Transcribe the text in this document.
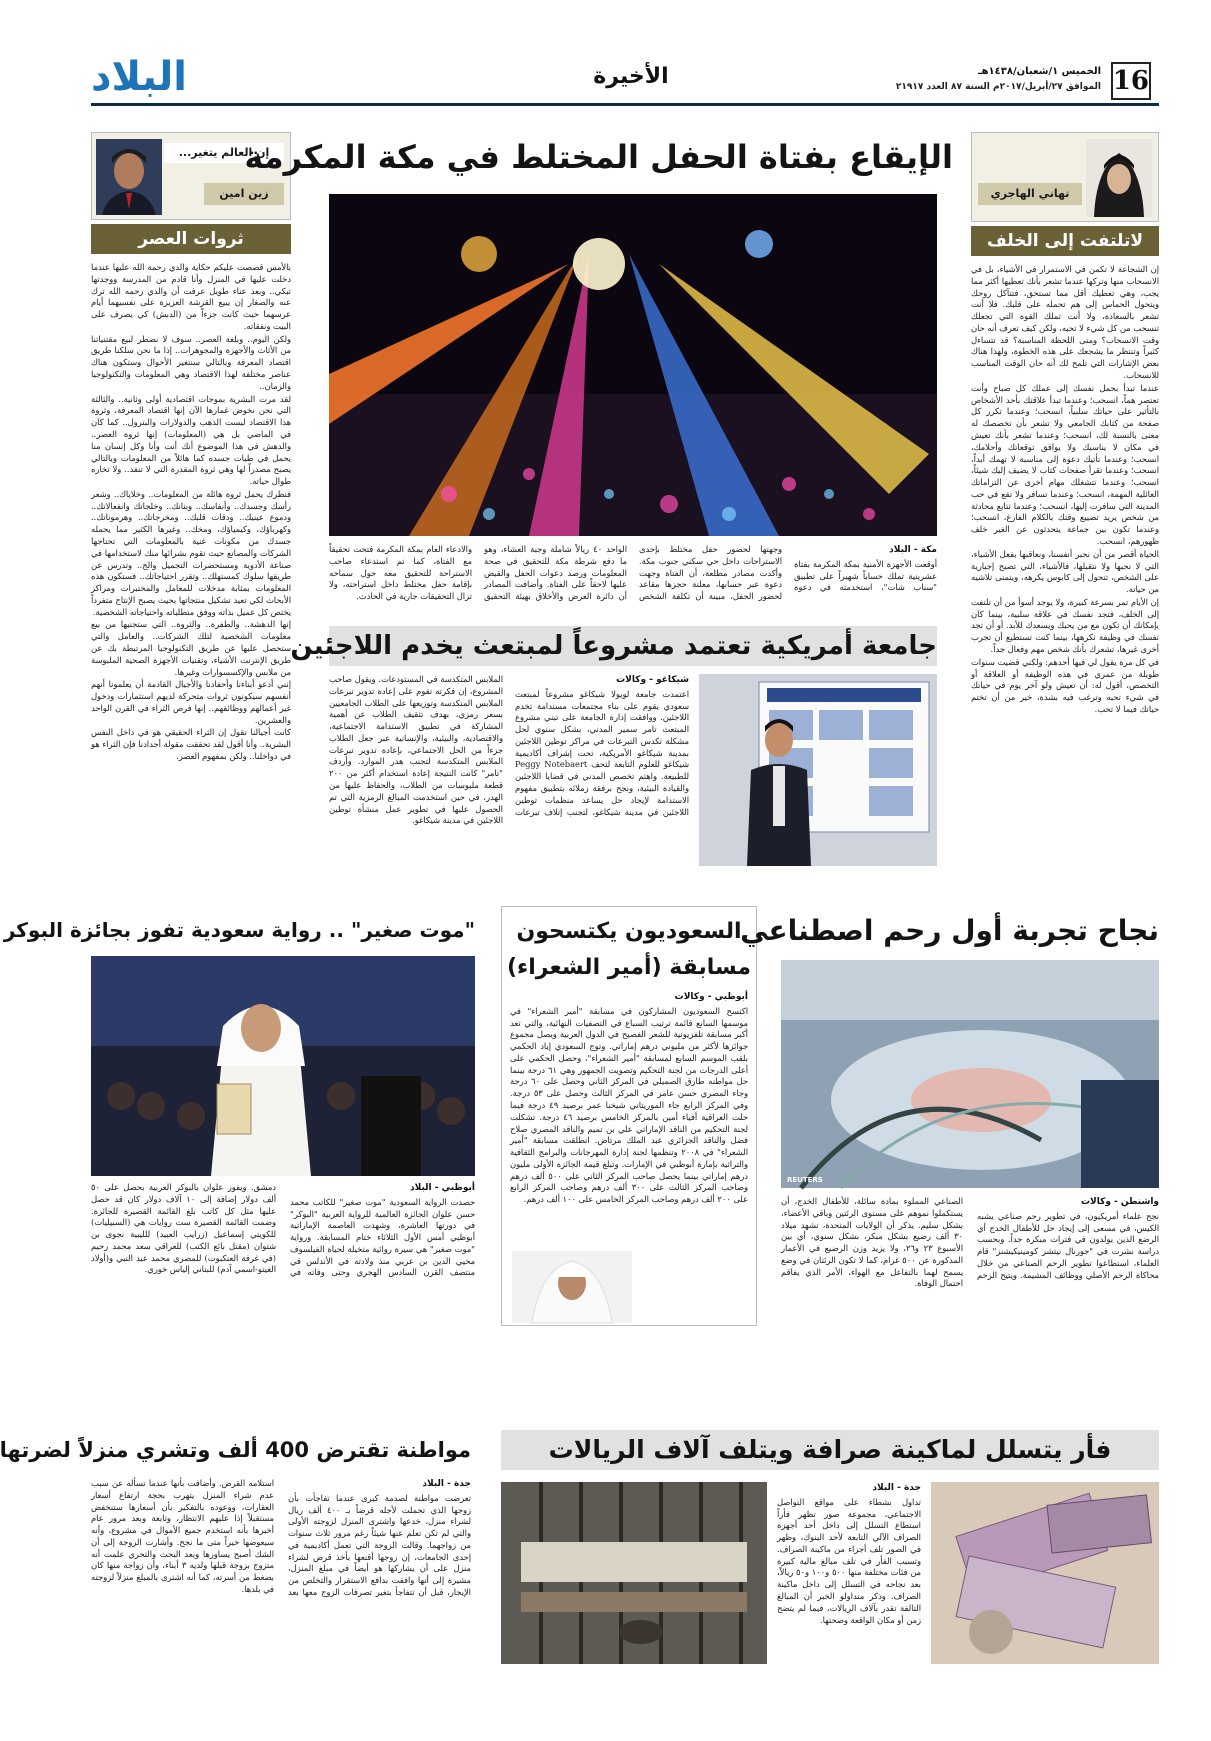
16
الخميس ١/شعبان/١٤٣٨هـ
الموافق ٢٧/أبريل/٢٠١٧م السنة ٨٧ العدد ٢١٩١٧
الأخيرة
البلاد
تهاني الهاجري
لاتلتفت إلى الخلف

إن الشجاعة لا تكمن في الاستمرار في الأشياء، بل في الانسحاب منها وتركها عندما تشعر بأنك تعطيها أكثر مما يجب، وهي تعطيك أقل مما تستحق، فتتآكل روحك ويتحول الحماس إلى هم تحمله على قلبك. فلا أنت تشعر بالسعادة، ولا أنت تملك القوة التي تجعلك تنسحب من كل شيء لا تحبه، ولكن كيف تعرف أنه حان وقت الانسحاب؟ ومتى اللحظة المناسبة؟ قد تتساءل كثيراً وتنتظر ما يشجعك على هذه الخطوة، ولهذا هناك بعض الإشارات التي تلمح لك أنه حان الوقت المناسب للانسحاب.

عندما تبدأ بحمل نفسك إلى عملك كل صباح وأنت تعتصر هماً، انسحب؛ وعندما تبدأ علاقتك بأحد الأشخاص بالتأثير على حياتك سلبياً، انسحب؛ وعندما تكرر كل صفحة من كتابك الجامعي ولا تشعر بأن تخصصك له معنى بالنسبة لك، انسحب؛ وعندما تشعر بأنك تعيش في مكان لا يناسبك ولا يوافق توقعاتك وأحلامك، انسحب؛ وعندما تأتيك دعوة إلى مناسبة لا تهمك أبداً، انسحب؛ وعندما تقرأ صفحات كتاب لا يضيف إليك شيئاً، انسحب؛ وعندما تتشغلك مهام أخرى عن التزاماتك العائلية المهمة، انسحب؛ وعندما تسافر ولا تقع في حب المدينة التي سافرت إليها، انسحب؛ وعندما تتابع محادثة من شخص يريد تضييع وقتك بالكلام الفارغ، انسحب؛ وعندما تكون بين جماعة يتحدثون عن الغير خلف ظهورهم، انسحب.

الحياة أقصر من أن نجبر أنفسنا، ونعاقبها بفعل الأشياء، التي لا نحبها ولا نتقبلها، فالأشياء، التي تصبح إجبارية على الشخص، تتحول إلى كابوس يكرهه، ويتمنى تلاشيه من حياته.

إن الأيام تمر بسرعة كبيرة، ولا يوجد أسوأ من أن تلتفت إلى الخلف، فتجد نفسك في علاقة سلبية، بينما كان بإمكانك أن تكون مع من يحبك ويسعدك للأبد. أو أن تجد نفسك في وظيفة تكرهها، بينما كنت تستطيع أن تجرب أخرى غيرها، تشعرك بأنك شخص مهم وفعال جداً.

في كل مرة يقول لي فيها أحدهم: ولكني قضيت سنوات طويلة من عمري في هذه الوظيفة أو العلاقة أو التخصص، أقول له: أن تعيش ولو آخر يوم في حياتك في شيء تحبه وترغب فيه بشدة، خير من أن تختم حياتك فيما لا تحب.

إن العالم يتغير...
زين امين
ثروات العصر

بالأمس قصصت عليكم حكاية والدي رحمة الله عليها عندما دخلت عليها في المنزل وأنا قادم من المدرسة ووجدتها تبكي.. وبعد عناء طويل عرفت أن والدي رحمه الله ترك عنه والصغار إن يبيع القرشة العزيزة على نفسيهما أيام عرسهما حيث كانت جزءاً من (الدبش) كي يصرف على البيت ونفقاته.

ولكن اليوم.. وبلغة العصر.. سوف لا نضطر لبيع مقتنياتنا من الأثاث والأجهزة والمجوهرات.. إذا ما نحن سلكنا طريق اقتصاد المعرفة وبالتالي سنتغير الأحوال وستكون هناك عناصر مختلفة لهذا الاقتصاد وهي المعلومات والتكنولوجيا والزمان..

لقد مرت البشرية بموجات اقتصادية أولى وثانية.. والثالثة التي نحن نخوض غمارها الآن إنها اقتصاد المعرفة، وثروة هذا الاقتصاد ليست الذهب والدولارات والبترول.. كما كان في الماضي بل هي (المعلومات) إنها ثروة العصر.. والدهش في هذا الموضوع أنك أنت وأنا وكل إنسان منا يحمل في طيات جسده كما هائلاً من المعلومات وبالتالي يصبح مصدراً لها وهي ثروة المقدرة التي لا تنفد.. ولا تخاره طوال حياته.

فنظرك يحمل ثروة هائلة من المعلومات.. وخلاياك.. وشعر رأسك وجسدك.. وأنفاسك.. وبنانك.. وخلجاتك وانفعالاتك.. ودموع عينيك.. ودقات قلبك.. ومخرجاتك.. وهرموناتك.. وكهرباؤك، وكيمياؤك، ومخك.. وغيرها الكثير مما يحمله جسدك من مكونات غنية بالمعلومات التي تحتاجها الشركات والمصانع حيث تقوم بشرائها منك لاستخدامها في صناعة الأدوية ومستحضرات التجميل والج.. وتدرس عن طريقها سلوك كمستهلك.. وتقرر احتياجاتك.. فستكون هذه المعلومات بمثابة مدخلات للمعامل والمختبرات ومراكز الأبحاث لكي تعيد تشكيل منتجاتها بحيث يصبح الإنتاج متفرداً يختص كل عميل بذاته ووفق متطلباته واحتياجاته الشخصية.

إنها الدهشة.. والطفرة.. والثروة.. التي ستجنيها من بيع معلومات الشخصية لتلك الشركات.. والعامل والتي ستحصل عليها عن طريق التكنولوجيا المرتبطة بك عن طريق الإنترنت الأشياء، وتقنيات الأجهزة الصحية الملبوسة من ملابس والإكسسوارات وغيرها.

إنني أدعو أبناءنا وأحفادنا والأجيال القادمة أن يعلمونا أنهم أنفسهم سيكونون ثروات متحركة لديهم استثمارات ودخول غير أعمالهم ووظائفهم.. إنها فرص الثراء في القرن الواحد والعشرين.

كانت أجيالنا تقول إن الثراء الحقيقي هو في داخل النفس البشرية.. وأنا أقول لقد تحققت مقولة أجدادنا فإن الثراء هو في دواخلنا.. ولكن بمفهوم العصر.

الإيقاع بفتاة الحفل المختلط في مكة المكرمة
مكة - البلاد
أوقعت الأجهزة الأمنية بمكة المكرمة بفتاة عشرينية تملك حساباً شهيراً على تطبيق "سناب شات"، استخدمته في دعوة وجهتها لحضور حفل مختلط بإحدى الاستراحات داخل حي سكني جنوب مكة. وأكدت مصادر مطلعة، أن الفتاة وجهت دعوة عبر حسابها، معلنة حجزها مقاعد لحضور الحفل، مبينة أن تكلفة الشخص الواحد ٤٠ ريالاً شاملة وجبة العشاء، وهو ما دفع شرطة مكة للتحقيق في صحة المعلومات ورصد دعوات الحفل والقبض عليها لاحقاً على الفتاة. وأضافت المصادر أن دائرة العرض والأخلاق بهيئة التحقيق والادعاء العام بمكة المكرمة فتحت تحقيقاً مع الفتاة، كما تم استدعاء صاحب الاستراحة للتحقيق معه حول سماحه بإقامة حفل مختلط داخل استراحته، ولا تزال التحقيقات جارية في الحادث.
جامعة أمريكية تعتمد مشروعاً لمبتعث يخدم اللاجئين
شيكاغو - وكالات
اعتمدت جامعة لويولا شيكاغو مشروعاً لمبتعث سعودي يقوم على بناء مجتمعات مستدامة تخدم اللاجئين. ووافقت إدارة الجامعة على تبني مشروع المبتعث تامر سمير المدني، بشكل سنوي لحل مشكلة تكدس التبرعات في مراكز توطين اللاجئين بمدينة شيكاغو الأمريكية، تحت إشراف أكاديمية شيكاغو للعلوم التابعة لتحف Peggy Notebaert للطبيعة. واهتم تخصص المدني في قضايا اللاجئين والقيادة البيئية، ونجح برفقة زملائه بتطبيق مفهوم الاستدامة لإيجاد حل يساعد منظمات توطين اللاجئين في مدينة شيكاغو، لتجنب إتلاف تبرعات الملابس المتكدسة في المستودعات. ويقول صاحب المشروع، إن فكرته تقوم على إعادة تدوير تبرعات الملابس المتكدسة وتوزيعها على الطلاب الجامعيين بسعر رمزي، بهدف تثقيف الطلاب عن أهمية المشاركة في تطبيق الاستدامة الاجتماعية، والاقتصادية، والبيئية، والإنسانية عبر جعل الطلاب جزءاً من الحل الاجتماعي، بإعادة تدوير تبرعات الملابس المتكدسة لتجنب هدر الموارد. وأردف "تامر" كانت النتيجة إعادة استخدام أكثر من ٢٠٠ قطعة ملبوسات من الطلاب، والحفاظ عليها من الهدر، في حين استخدمت المبالغ الرمزية التي تم الحصول عليها في تطوير عمل منشأة توطين اللاجئين في مدينة شيكاغو.
"موت صغير" .. رواية سعودية تفوز بجائزة البوكر
أبوظبي - البلاد
حصدت الرواية السعودية "موت صغير" للكاتب محمد حسن علوان الجائزة العالمية للرواية العربية "البوكر" في دورتها العاشرة، وشهدت العاصمة الإماراتية أبوظبي أمس الأول الثلاثاء ختام المسابقة. ورواية "موت صغير" هي سيرة روائية متخيلة لحياة الفيلسوف محيي الدين بن عربي منذ ولادته في الأندلس في منتصف القرن السادس الهجري وحتى وفاته في دمشق. ويفوز علوان بالبوكر العربية بحصل على ٥٠ ألف دولار إضافة إلى ١٠ آلاف دولار كان قد حصل عليها مثل كل كاتب بلغ القائمة القصيرة للجائزة. وضمت القائمة القصيرة ست روايات هي (السبيليات) للكويتي إسماعيل (زرايب العبيد) للليبية نجوى بن شتوان (مقتل بائع الكتب) للعراقي سعد محمد رحيم (في غرفة العنكبوت) للمصري محمد عبد النبي و(أولاد الغيتو-اسمي آدم) للبناني إلياس خوري.
السعوديون يكتسحون
مسابقة (أمير الشعراء)
أبوظبي - وكالات
اكتسح السعوديون المشاركون في مسابقة "أمير الشعراء" في موسمها السابع قائمة ترتيب السباع في التصفيات النهائية، والتي تعد أكبر مسابقة تلفزيونية للشعر الفصيح في الدول العربية ويصل مجموع جوائزها لأكثر من مليوني درهم إماراتي. وتوج السعودي إياد الحكمي بلقب الموسم السابع لمسابقة "أمير الشعراء"، وحصل الحكمي على أعلى الدرجات من لجنة التحكيم وتصويت الجمهور وهي ٦١ درجة بينما حل مواطنه طارق الصميلي في المركز الثاني وحصل على ٦٠ درجة وجاء المصري حسن عامر في المركز الثالث وحصل على ٥٣ درجة. وفي المركز الرابع جاء الموريتاني شيخنا عمر برصيد ٤٩ درجة فيما حلت العراقية أفياء أمين بالمركز الخامس برصيد ٤٦ درجة. تشكلت لجنة التحكيم من الناقد الإماراتي علي بن تميم والناقد المصري صلاح فضل والناقد الجزائري عبد الملك مرتاض. انطلقت مسابقة "أمير الشعراء" في ٢٠٠٨ وتنظمها لجنة إدارة المهرجانات والبرامج الثقافية والتراثية بإمارة أبوظبي في الإمارات. وتبلغ قيمة الجائزة الأولى مليون درهم إماراتي بينما يحصل صاحب المركز الثاني على ٥٠٠ ألف درهم وصاحب المركز الثالث على ٣٠٠ ألف درهم وصاحب المركز الرابع على ٢٠٠ ألف درهم وصاحب المركز الخامس على ١٠٠ ألف درهم.
نجاح تجربة أول رحم اصطناعي
REUTERS
واشنطن - وكالات
نجح علماء أمريكيون، في تطوير رحم صناعي يشبه الكيس، في مسعى إلى إيجاد حل للأطفال الخدج أي الرضع الذين يولدون في فترات مبكرة جداً. وبحسب دراسة نشرت في "جورنال نيتشر كومينيكيشنز" قام العلماء، استطاعوا تطوير الرحم الصناعي من خلال محاكاة الرحم الأصلي ووظائف المشيمة. ويتيح الرحم الصناعي المملوء بمادة سائلة، للأطفال الخدج، أن يستكملوا نموهم على مستوى الرئتين وباقي الأعضاء، بشكل سليم. يذكر أن الولايات المتحدة، تشهد ميلاد ٣٠ ألف رضيع بشكل مبكر، بشكل سنوي، أي بين الأسبوع ٢٣ و٢٦، ولا يزيد وزن الرضيع في الأعمار المذكورة عن ٥٠٠ غرام، كما لا تكون الرئتان في وضع يسمح لهما بالتفاعل مع الهواء، الأمر الذي يفاقم احتمال الوفاة.
مواطنة تقترض 400 ألف وتشري منزلاً لضرتها
جدة - البلاد
تعرضت مواطنة لصدمة كبرى عندما تفاجأت بأن زوجها الذي تحملت لأجله قرضاً بـ ٤٠٠ ألف ريال لشراء منزل، خدعها واشترى المنزل لزوجته الأولى والتي لم تكن تعلم عنها شيئاً رغم مرور ثلاث سنوات من زواجهما. وقالت الزوجة التي تعمل أكاديمية في إحدى الجامعات، إن زوجها أقنعها بأخذ قرض لشراء منزل على أن يشاركها هو أيضاً في مبلغ المنزل، مشيرة إلى أنها وافقت بدافع الاستقرار والتخلص من الإيجار، قبل أن تتفاجأ بتغير تصرفات الزوج معها بعد استلامه القرض. وأضافت بأنها عندما تسأله عن سبب عدم شراء المنزل يتهرب بحجة ارتفاع أسعار العقارات، ووعوده بالتفكير بأن أسعارها ستنخفض مستقبلاً إذا عليهم الانتظار، وتابعة وبعد مرور عام أخبرها بأنه استخدم جميع الأموال في مشروع، وأنه سيعوضها خيراً متى ما نجح. وأشارت الزوجة إلى أن الشك أصبح يساورها وبعد البحث والتحري علمت أنه متزوج بزوجة قبلها ولديه ٣ أبناء، وأن زواجه منها كان بضغط من أسرته، كما أنه اشترى بالمبلغ منزلاً لزوجته في بلدها.
فأر يتسلل لماكينة صرافة ويتلف آلاف الريالات
جدة - البلاد
تداول نشطاء على مواقع التواصل الاجتماعي، مجموعة صور تظهر فأراً استطاع التسلل إلى داخل أحد أجهزة الصراف الآلي التابعة لأحد البنوك، وظهر في الصور تلف أجزاء من ماكينة الصراف. وتسبب الفأر في تلف مبالغ مالية كبيرة من فئات مختلفة منها ٥٠٠ و١٠٠ و٥٠ ريالاً، بعد نجاحه في التسلل إلى داخل ماكينة الصراف. وذكر متداولو الخبر أن المبالغ التالفة تقدر بآلاف الريالات، فيما لم يتضح زمن أو مكان الواقعة وصحتها.
